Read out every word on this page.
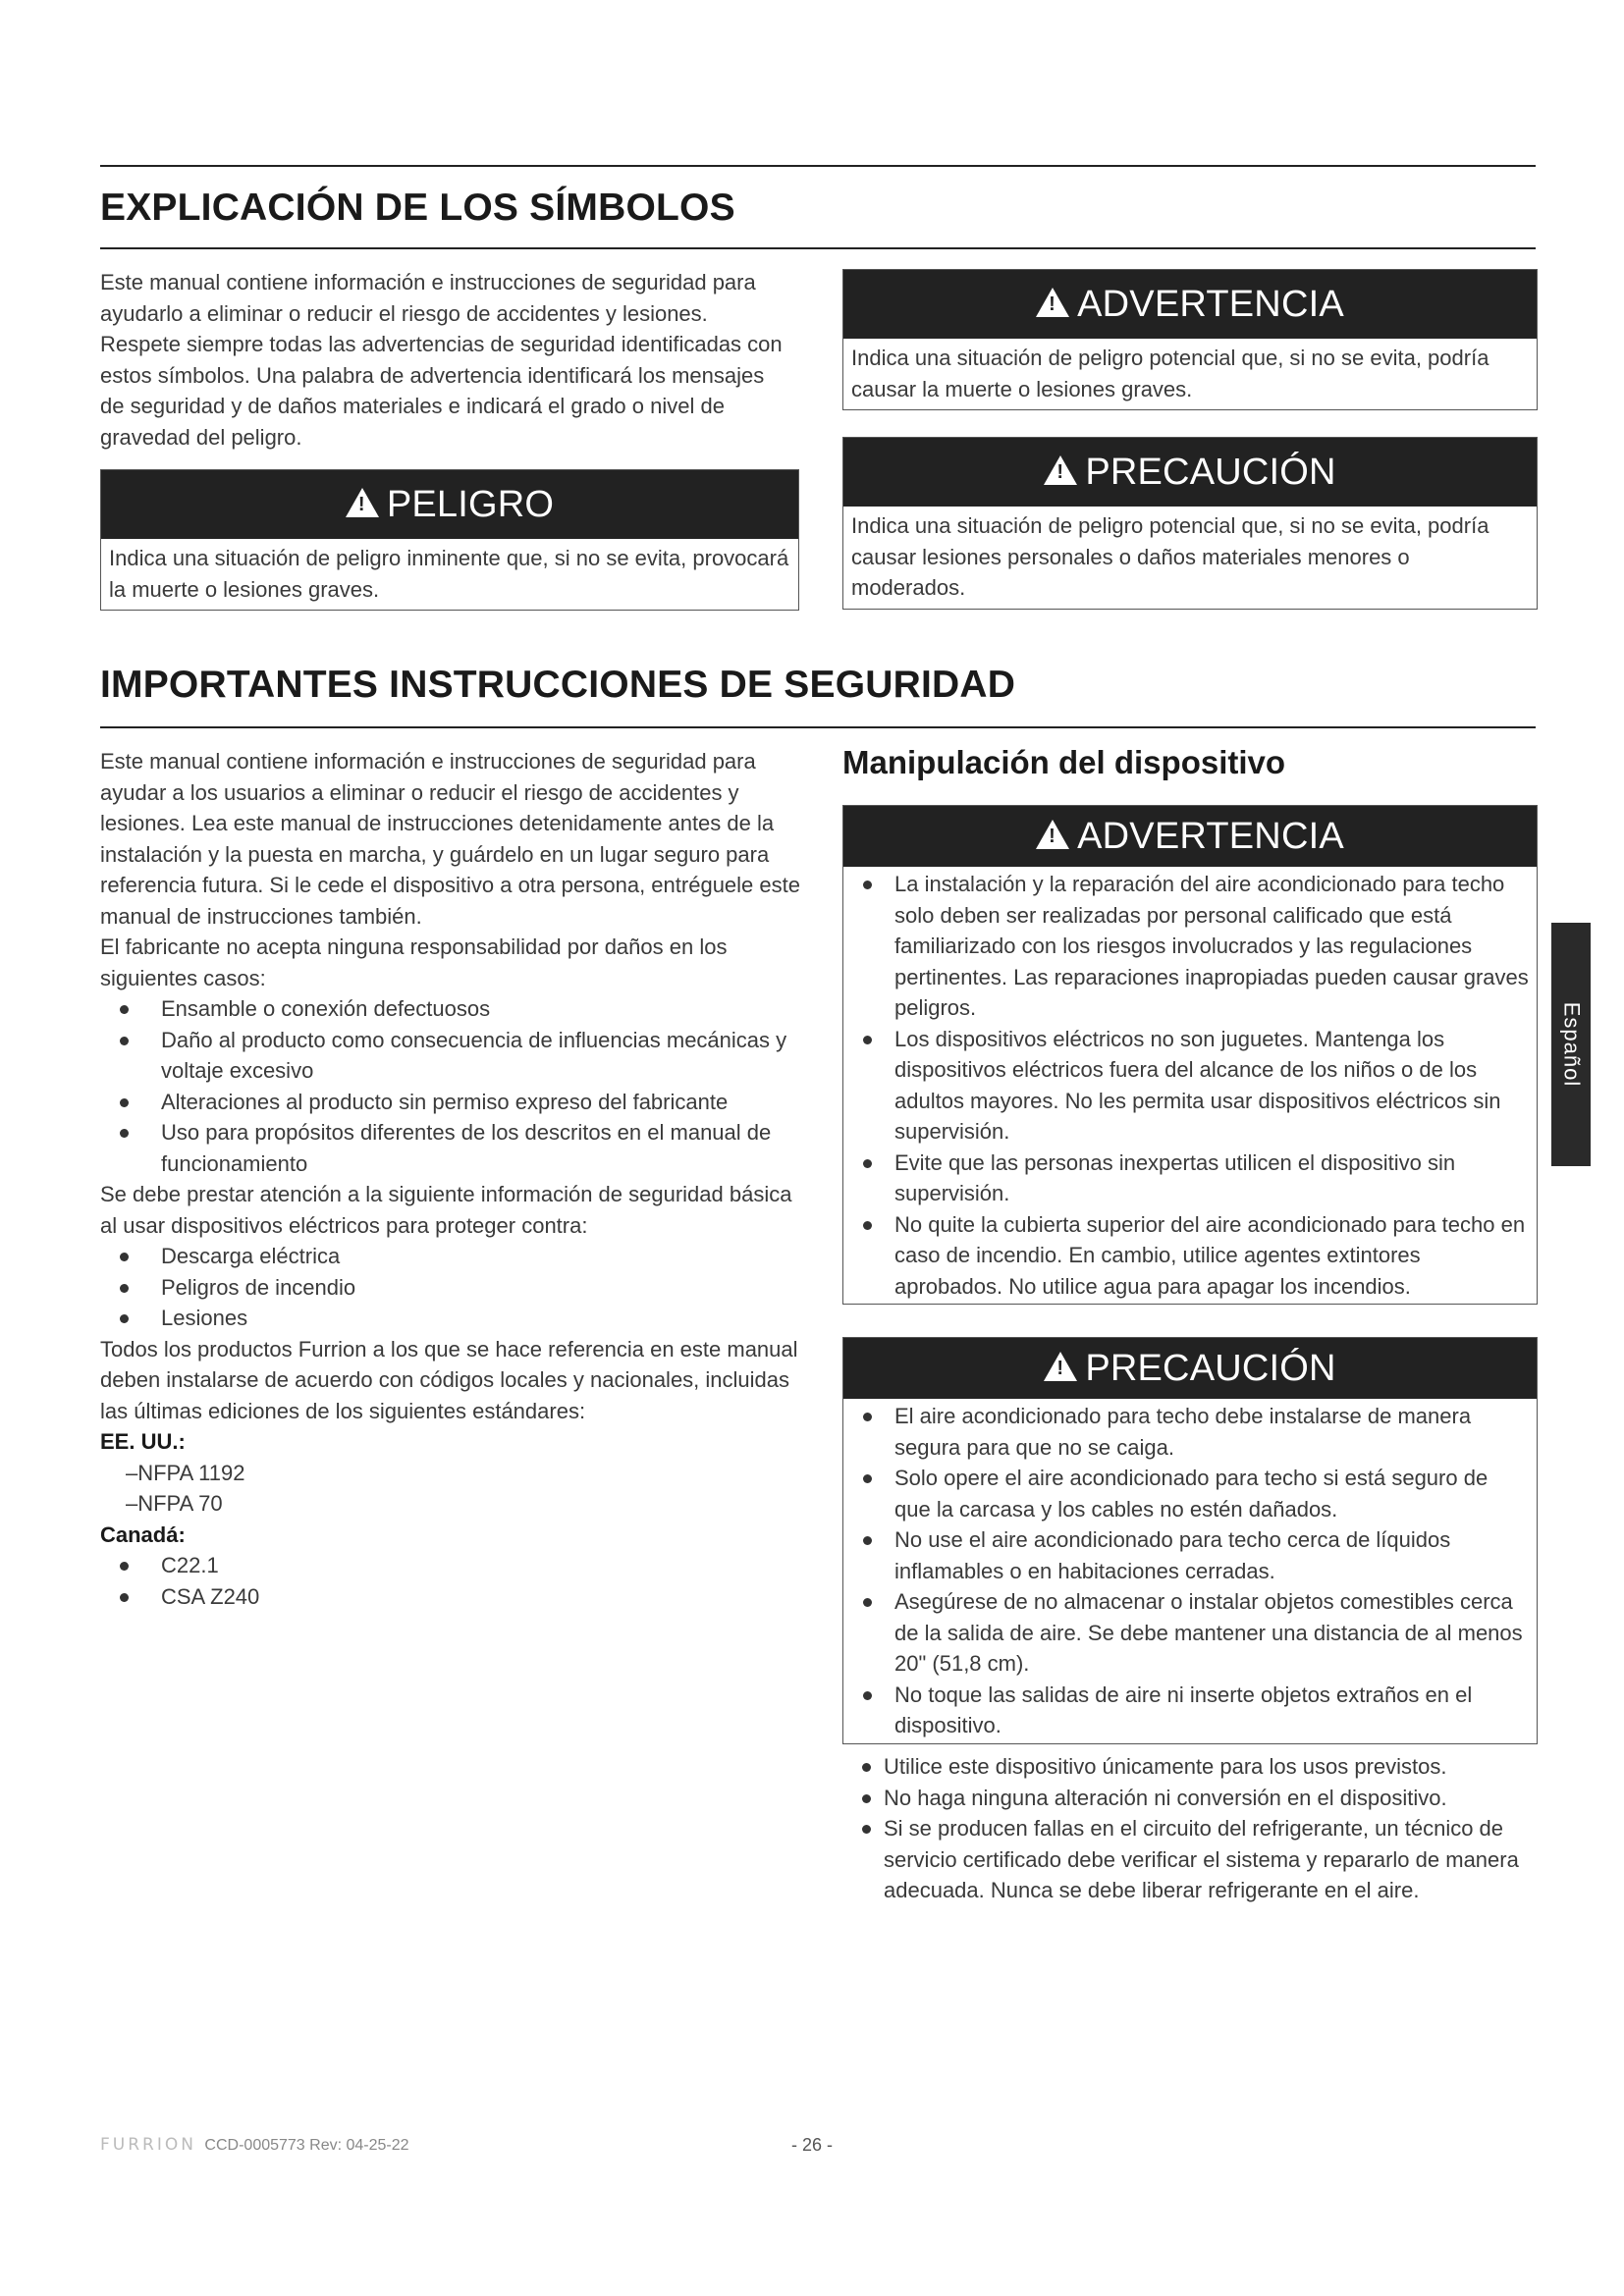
EXPLICACIÓN DE LOS SÍMBOLOS

Este manual contiene información e instrucciones de seguridad para ayudarlo a eliminar o reducir el riesgo de accidentes y lesiones. Respete siempre todas las advertencias de seguridad identificadas con estos símbolos. Una palabra de advertencia identificará los mensajes de seguridad y de daños materiales e indicará el grado o nivel de gravedad del peligro.

!
PELIGRO
Indica una situación de peligro inminente que, si no se evita, provocará la muerte o lesiones graves.
!
ADVERTENCIA
Indica una situación de peligro potencial que, si no se evita, podría causar la muerte o lesiones graves.
!
PRECAUCIÓN
Indica una situación de peligro potencial que, si no se evita, podría causar lesiones personales o daños materiales menores o moderados.
IMPORTANTES INSTRUCCIONES DE SEGURIDAD
Este manual contiene información e instrucciones de seguridad para ayudar a los usuarios a eliminar o reducir el riesgo de accidentes y lesiones. Lea este manual de instrucciones detenidamente antes de la instalación y la puesta en marcha, y guárdelo en un lugar seguro para referencia futura. Si le cede el dispositivo a otra persona, entréguele este manual de instrucciones también.
El fabricante no acepta ninguna responsabilidad por daños en los siguientes casos:
Ensamble o conexión defectuosos
Daño al producto como consecuencia de influencias mecánicas y voltaje excesivo
Alteraciones al producto sin permiso expreso del fabricante
Uso para propósitos diferentes de los descritos en el manual de funcionamiento
Se debe prestar atención a la siguiente información de seguridad básica al usar dispositivos eléctricos para proteger contra:
Descarga eléctrica
Peligros de incendio
Lesiones
Todos los productos Furrion a los que se hace referencia en este manual deben instalarse de acuerdo con códigos locales y nacionales, incluidas las últimas ediciones de los siguientes estándares:
EE. UU.:
–NFPA 1192
–NFPA 70
Canadá:
C22.1
CSA Z240
Manipulación del dispositivo
!
ADVERTENCIA
La instalación y la reparación del aire acondicionado para techo solo deben ser realizadas por personal calificado que está familiarizado con los riesgos involucrados y las regulaciones pertinentes. Las reparaciones inapropiadas pueden causar graves peligros.
Los dispositivos eléctricos no son juguetes. Mantenga los dispositivos eléctricos fuera del alcance de los niños o de los adultos mayores. No les permita usar dispositivos eléctricos sin supervisión.
Evite que las personas inexpertas utilicen el dispositivo sin supervisión.
No quite la cubierta superior del aire acondicionado para techo en caso de incendio. En cambio, utilice agentes extintores aprobados. No utilice agua para apagar los incendios.
!
PRECAUCIÓN
El aire acondicionado para techo debe instalarse de manera segura para que no se caiga.
Solo opere el aire acondicionado para techo si está seguro de que la carcasa y los cables no estén dañados.
No use el aire acondicionado para techo cerca de líquidos inflamables o en habitaciones cerradas.
Asegúrese de no almacenar o instalar objetos comestibles cerca de la salida de aire. Se debe mantener una distancia de al menos 20" (51,8 cm).
No toque las salidas de aire ni inserte objetos extraños en el dispositivo.
Utilice este dispositivo únicamente para los usos previstos.
No haga ninguna alteración ni conversión en el dispositivo.
Si se producen fallas en el circuito del refrigerante, un técnico de servicio certificado debe verificar el sistema y repararlo de manera adecuada. Nunca se debe liberar refrigerante en el aire.
Español
FURRION CCD-0005773 Rev: 04-25-22	- 26 -
